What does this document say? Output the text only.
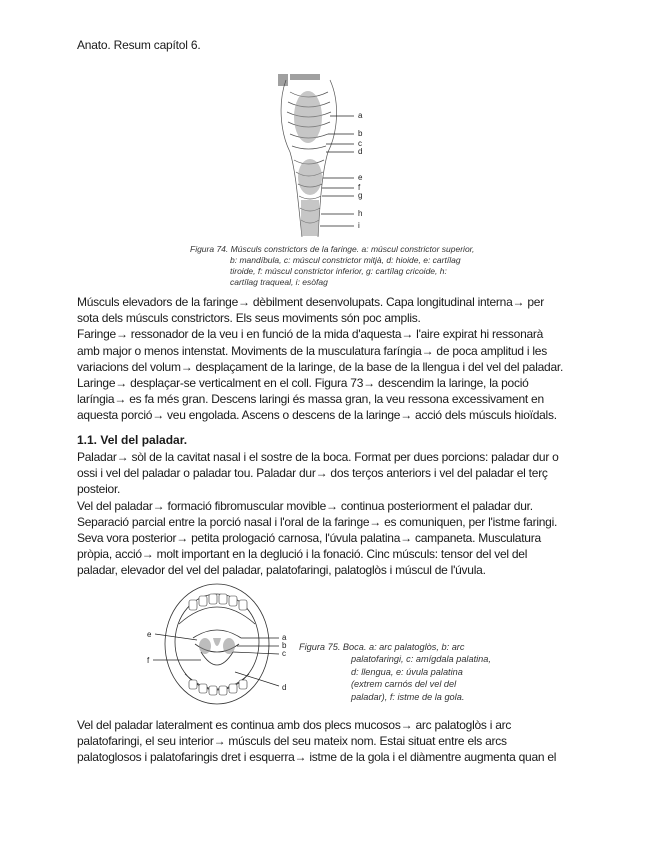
Anato. Resum capítol 6.
a
b
c
d
e
f
g
h
i
Figura 74. Músculs constrictors de la faringe. a: múscul constrictor superior,

b: mandíbula, c: múscul constrictor mitjà, d: hioide, e: cartílag
tiroide, f: múscul constrictor inferior, g: cartílag cricoide, h:
cartílag traqueal, i: esòfag
Músculs elevadors de la faringe→ dèbilment desenvolupats. Capa longitudinal interna→ per
sota dels músculs constrictors. Els seus moviments són poc amplis.
Faringe→ ressonador de la veu i en funció de la mida d'aquesta→ l'aire expirat hi ressonarà
amb major o menos intenstat. Moviments de la musculatura faríngia→ de poca amplitud i les
variacions del volum→ desplaçament de la laringe, de la base de la llengua i del vel del paladar.
Laringe→ desplaçar-se verticalment en el coll. Figura 73→ descendim la laringe, la poció
laríngia→ es fa més gran. Descens laringi és massa gran, la veu ressona excessivament en
aquesta porció→ veu engolada. Ascens o descens de la laringe→ acció dels músculs hioïdals.
1.1. Vel del paladar.
Paladar→ sòl de la cavitat nasal i el sostre de la boca. Format per dues porcions: paladar dur o
ossi i vel del paladar o paladar tou. Paladar dur→ dos terços anteriors i vel del paladar el terç
posteior.
Vel del paladar→ formació fibromuscular movible→ continua posteriorment el paladar dur.
Separació parcial entre la porció nasal i l'oral de la faringe→ es comuniquen, per l'istme faringi.
Seva vora posterior→ petita prologació carnosa, l'úvula palatina→ campaneta. Musculatura
pròpia, acció→ molt important en la deglució i la fonació. Cinc músculs: tensor del vel del
paladar, elevador del vel del paladar, palatofaringi, palatoglòs i múscul de l'úvula.
a
b
c
d
e
f
Figura 75. Boca. a: arc palatoglòs, b: arc
palatofaringi, c: amígdala palatina,
d: llengua, e: úvula palatina
(extrem carnós del vel del
paladar), f: istme de la gola.
Vel del paladar lateralment es continua amb dos plecs mucosos→ arc palatoglòs i arc
palatofaringi, el seu interior→ músculs del seu mateix nom. Estai situat entre els arcs
palatoglosos i palatofaringis dret i esquerra→ istme de la gola i el diàmentre augmenta quan el
